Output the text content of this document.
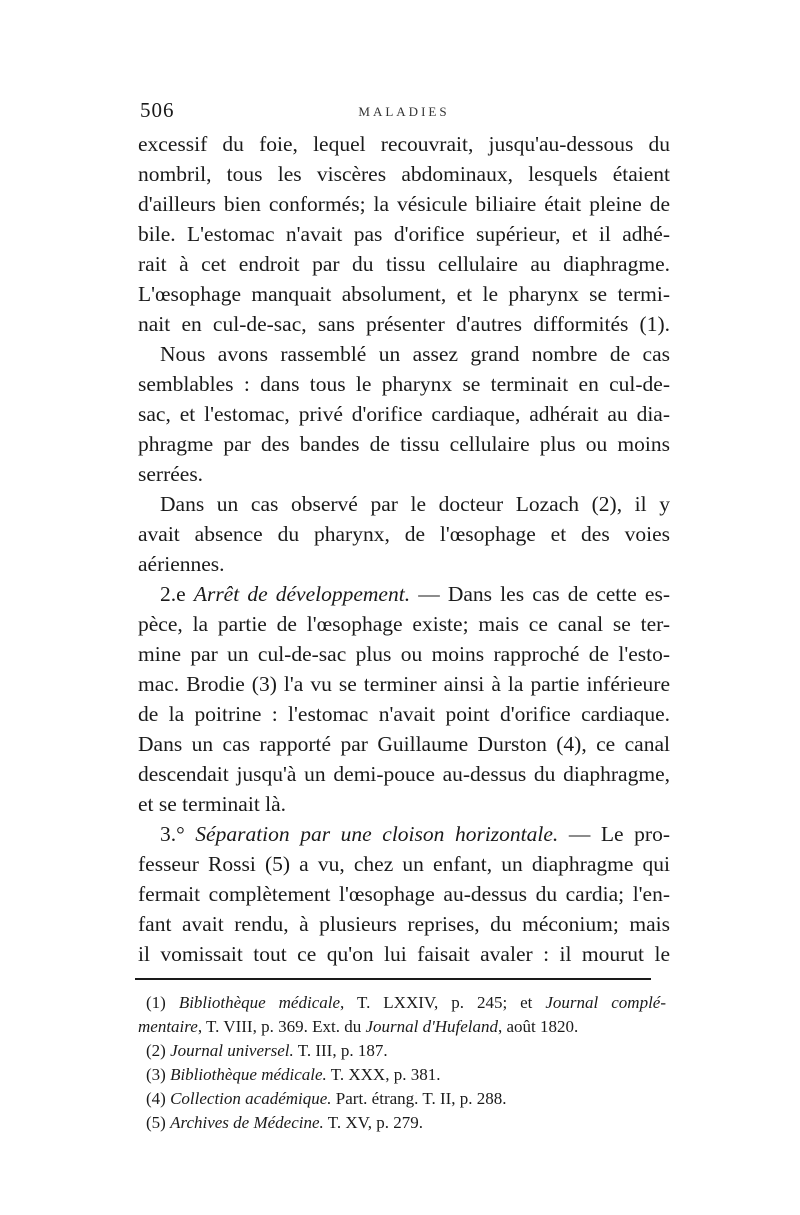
506	MALADIES
excessif du foie, lequel recouvrait, jusqu'au-dessous du
nombril, tous les viscères abdominaux, lesquels étaient
d'ailleurs bien conformés; la vésicule biliaire était pleine de
bile. L'estomac n'avait pas d'orifice supérieur, et il adhé-
rait à cet endroit par du tissu cellulaire au diaphragme.
L'œsophage manquait absolument, et le pharynx se termi-
nait en cul-de-sac, sans présenter d'autres difformités (1).
Nous avons rassemblé un assez grand nombre de cas
semblables : dans tous le pharynx se terminait en cul-de-
sac, et l'estomac, privé d'orifice cardiaque, adhérait au dia-
phragme par des bandes de tissu cellulaire plus ou moins
serrées.
Dans un cas observé par le docteur Lozach (2), il y
avait absence du pharynx, de l'œsophage et des voies
aériennes.
2.e Arrêt de développement. — Dans les cas de cette es-
pèce, la partie de l'œsophage existe; mais ce canal se ter-
mine par un cul-de-sac plus ou moins rapproché de l'esto-
mac. Brodie (3) l'a vu se terminer ainsi à la partie inférieure
de la poitrine : l'estomac n'avait point d'orifice cardiaque.
Dans un cas rapporté par Guillaume Durston (4), ce canal
descendait jusqu'à un demi-pouce au-dessus du diaphragme,
et se terminait là.
3.° Séparation par une cloison horizontale. — Le pro-
fesseur Rossi (5) a vu, chez un enfant, un diaphragme qui
fermait complètement l'œsophage au-dessus du cardia; l'en-
fant avait rendu, à plusieurs reprises, du méconium; mais
il vomissait tout ce qu'on lui faisait avaler : il mourut le
(1) Bibliothèque médicale, T. LXXIV, p. 245; et Journal complé-
mentaire, T. VIII, p. 369. Ext. du Journal d'Hufeland, août 1820.
(2) Journal universel. T. III, p. 187.
(3) Bibliothèque médicale. T. XXX, p. 381.
(4) Collection académique. Part. étrang. T. II, p. 288.
(5) Archives de Médecine. T. XV, p. 279.
